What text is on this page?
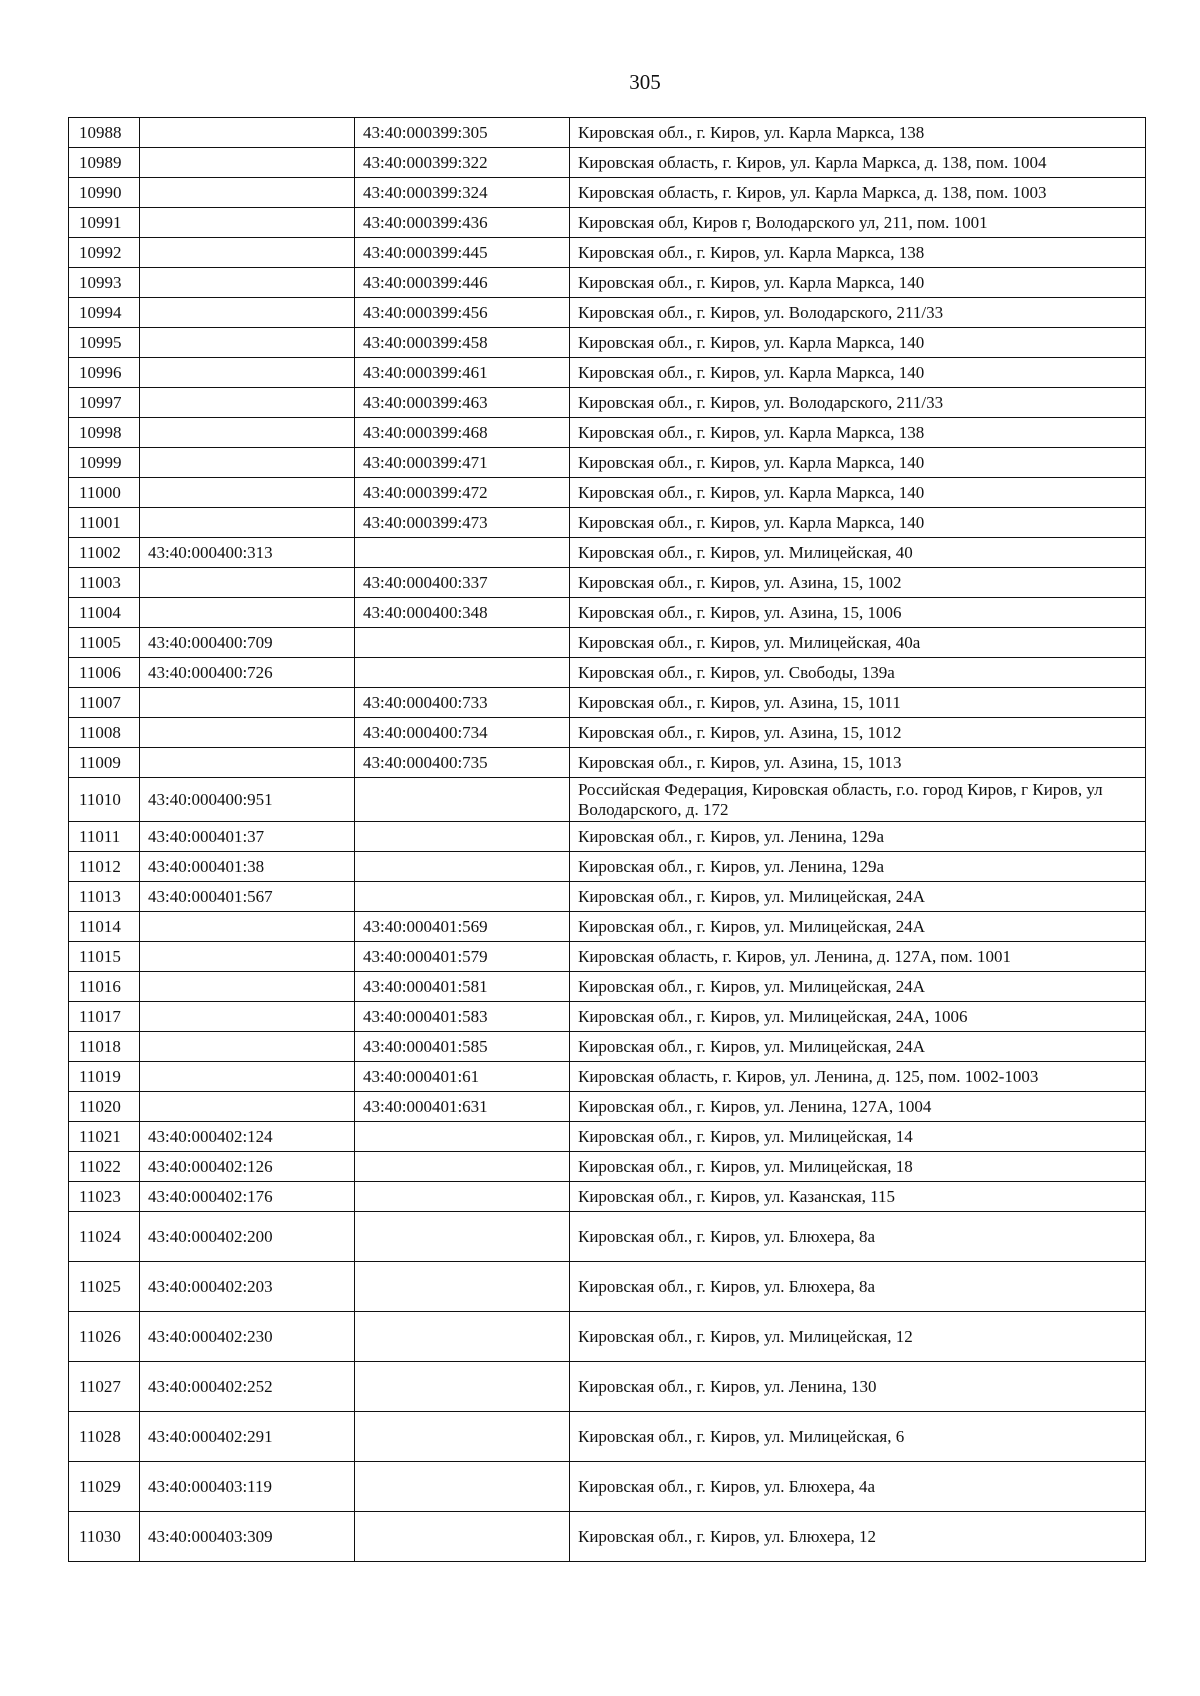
305
10988		43:40:000399:305	Кировская обл., г. Киров, ул. Карла Маркса, 138
10989		43:40:000399:322	Кировская область, г. Киров, ул. Карла Маркса, д. 138, пом. 1004
10990		43:40:000399:324	Кировская область, г. Киров, ул. Карла Маркса, д. 138, пом. 1003
10991		43:40:000399:436	Кировская обл, Киров г, Володарского ул, 211, пом. 1001
10992		43:40:000399:445	Кировская обл., г. Киров, ул. Карла Маркса, 138
10993		43:40:000399:446	Кировская обл., г. Киров, ул. Карла Маркса, 140
10994		43:40:000399:456	Кировская обл., г. Киров, ул. Володарского, 211/33
10995		43:40:000399:458	Кировская обл., г. Киров, ул. Карла Маркса, 140
10996		43:40:000399:461	Кировская обл., г. Киров, ул. Карла Маркса, 140
10997		43:40:000399:463	Кировская обл., г. Киров, ул. Володарского, 211/33
10998		43:40:000399:468	Кировская обл., г. Киров, ул. Карла Маркса, 138
10999		43:40:000399:471	Кировская обл., г. Киров, ул. Карла Маркса, 140
11000		43:40:000399:472	Кировская обл., г. Киров, ул. Карла Маркса, 140
11001		43:40:000399:473	Кировская обл., г. Киров, ул. Карла Маркса, 140
11002	43:40:000400:313		Кировская обл., г. Киров, ул. Милицейская, 40
11003		43:40:000400:337	Кировская обл., г. Киров, ул. Азина, 15, 1002
11004		43:40:000400:348	Кировская обл., г. Киров, ул. Азина, 15, 1006
11005	43:40:000400:709		Кировская обл., г. Киров, ул. Милицейская, 40а
11006	43:40:000400:726		Кировская обл., г. Киров, ул. Свободы, 139а
11007		43:40:000400:733	Кировская обл., г. Киров, ул. Азина, 15, 1011
11008		43:40:000400:734	Кировская обл., г. Киров, ул. Азина, 15, 1012
11009		43:40:000400:735	Кировская обл., г. Киров, ул. Азина, 15, 1013
11010	43:40:000400:951		Российская Федерация, Кировская область, г.о. город Киров, г Киров, ул Володарского, д. 172
11011	43:40:000401:37		Кировская обл., г. Киров, ул. Ленина, 129а
11012	43:40:000401:38		Кировская обл., г. Киров, ул. Ленина, 129а
11013	43:40:000401:567		Кировская обл., г. Киров, ул. Милицейская, 24А
11014		43:40:000401:569	Кировская обл., г. Киров, ул. Милицейская, 24А
11015		43:40:000401:579	Кировская область, г. Киров, ул. Ленина, д. 127А, пом. 1001
11016		43:40:000401:581	Кировская обл., г. Киров, ул. Милицейская, 24А
11017		43:40:000401:583	Кировская обл., г. Киров, ул. Милицейская, 24А, 1006
11018		43:40:000401:585	Кировская обл., г. Киров, ул. Милицейская, 24А
11019		43:40:000401:61	Кировская область, г. Киров, ул. Ленина, д. 125, пом. 1002-1003
11020		43:40:000401:631	Кировская обл., г. Киров, ул. Ленина, 127А, 1004
11021	43:40:000402:124		Кировская обл., г. Киров, ул. Милицейская, 14
11022	43:40:000402:126		Кировская обл., г. Киров, ул. Милицейская, 18
11023	43:40:000402:176		Кировская обл., г. Киров, ул. Казанская, 115
11024	43:40:000402:200		Кировская обл., г. Киров, ул. Блюхера, 8а
11025	43:40:000402:203		Кировская обл., г. Киров, ул. Блюхера, 8а
11026	43:40:000402:230		Кировская обл., г. Киров, ул. Милицейская, 12
11027	43:40:000402:252		Кировская обл., г. Киров, ул. Ленина, 130
11028	43:40:000402:291		Кировская обл., г. Киров, ул. Милицейская, 6
11029	43:40:000403:119		Кировская обл., г. Киров, ул. Блюхера, 4а
11030	43:40:000403:309		Кировская обл., г. Киров, ул. Блюхера, 12
